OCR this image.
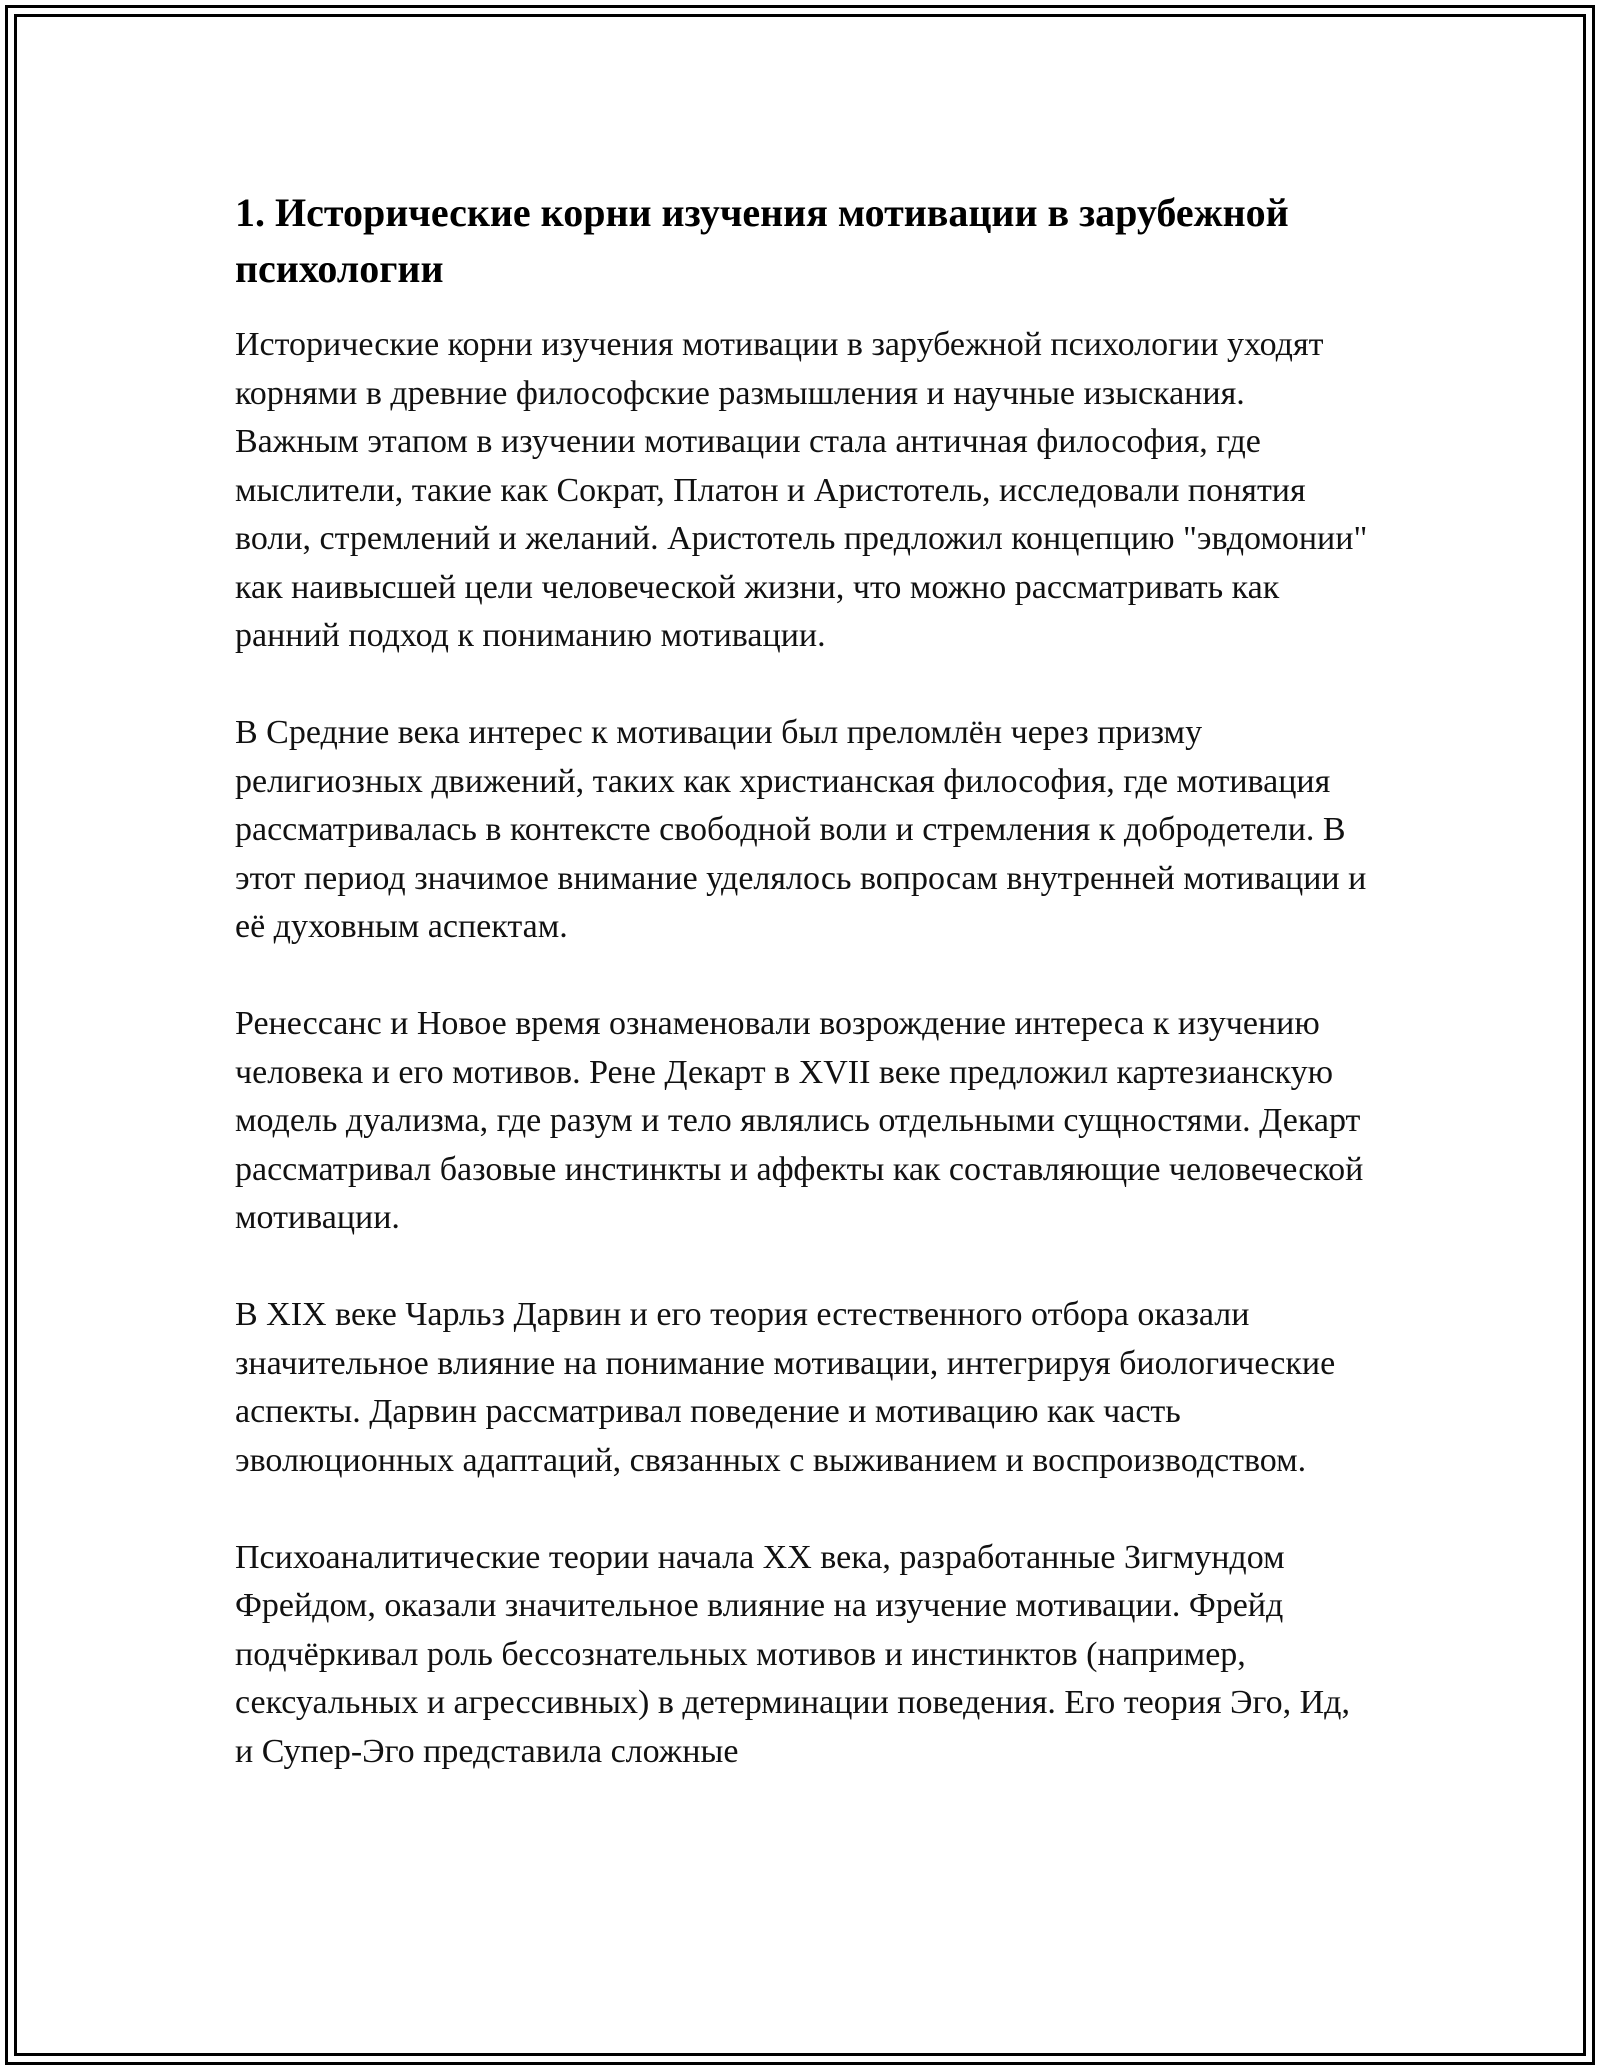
1. Исторические корни изучения мотивации в зарубежной психологии

Исторические корни изучения мотивации в зарубежной психологии уходят корнями в древние философские размышления и научные изыскания. Важным этапом в изучении мотивации стала античная философия, где мыслители, такие как Сократ, Платон и Аристотель, исследовали понятия воли, стремлений и желаний. Аристотель предложил концепцию "эвдомонии" как наивысшей цели человеческой жизни, что можно рассматривать как ранний подход к пониманию мотивации.

В Средние века интерес к мотивации был преломлён через призму религиозных движений, таких как христианская философия, где мотивация рассматривалась в контексте свободной воли и стремления к добродетели. В этот период значимое внимание уделялось вопросам внутренней мотивации и её духовным аспектам.

Ренессанс и Новое время ознаменовали возрождение интереса к изучению человека и его мотивов. Рене Декарт в XVII веке предложил картезианскую модель дуализма, где разум и тело являлись отдельными сущностями. Декарт рассматривал базовые инстинкты и аффекты как составляющие человеческой мотивации.

В XIX веке Чарльз Дарвин и его теория естественного отбора оказали значительное влияние на понимание мотивации, интегрируя биологические аспекты. Дарвин рассматривал поведение и мотивацию как часть эволюционных адаптаций, связанных с выживанием и воспроизводством.

Психоаналитические теории начала XX века, разработанные Зигмундом Фрейдом, оказали значительное влияние на изучение мотивации. Фрейд подчёркивал роль бессознательных мотивов и инстинктов (например, сексуальных и агрессивных) в детерминации поведения. Его теория Эго, Ид, и Супер-Эго представила сложные
